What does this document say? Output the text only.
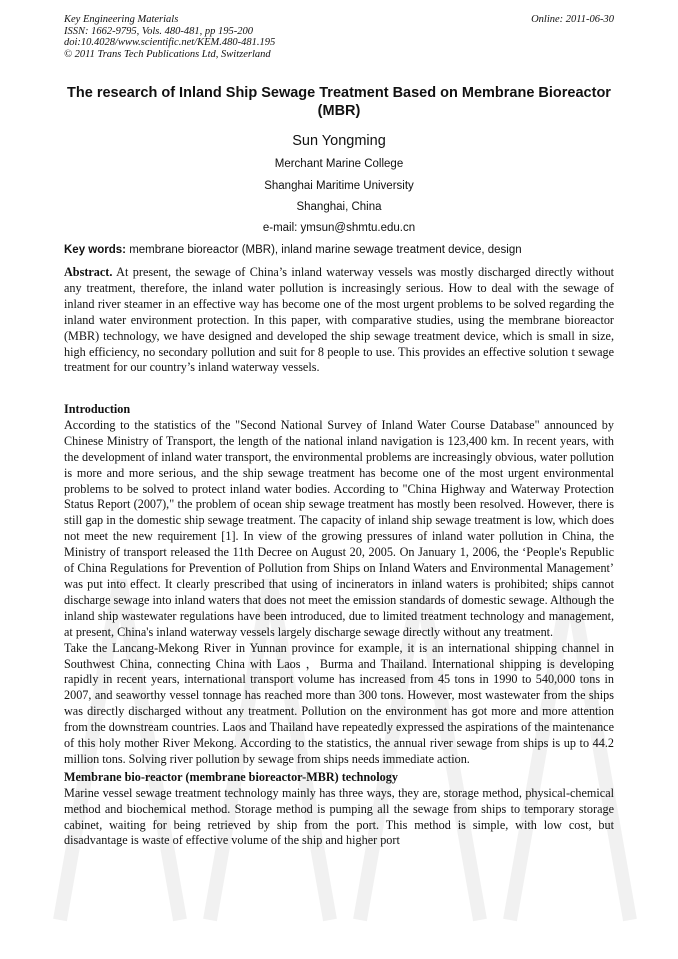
Key Engineering Materials
ISSN: 1662-9795, Vols. 480-481, pp 195-200
doi:10.4028/www.scientific.net/KEM.480-481.195
© 2011 Trans Tech Publications Ltd, Switzerland
Online: 2011-06-30
The research of Inland Ship Sewage Treatment Based on Membrane Bioreactor (MBR)
Sun Yongming
Merchant Marine College
Shanghai Maritime University
Shanghai, China
e-mail: ymsun@shmtu.edu.cn
Key words: membrane bioreactor (MBR), inland marine sewage treatment device, design

Abstract. At present, the sewage of China’s inland waterway vessels was mostly discharged directly without any treatment, therefore, the inland water pollution is increasingly serious. How to deal with the sewage of inland river steamer in an effective way has become one of the most urgent problems to be solved regarding the inland water environment protection. In this paper, with comparative studies, using the membrane bioreactor (MBR) technology, we have designed and developed the ship sewage treatment device, which is small in size, high efficiency, no secondary pollution and suit for 8 people to use. This provides an effective solution t sewage treatment for our country’s inland waterway vessels.

Introduction

According to the statistics of the "Second National Survey of Inland Water Course Database" announced by Chinese Ministry of Transport, the length of the national inland navigation is 123,400 km. In recent years, with the development of inland water transport, the environmental problems are increasingly obvious, water pollution is more and more serious, and the ship sewage treatment has become one of the most urgent environmental problems to be solved to protect inland water bodies. According to "China Highway and Waterway Protection Status Report (2007)," the problem of ocean ship sewage treatment has mostly been resolved. However, there is still gap in the domestic ship sewage treatment. The capacity of inland ship sewage treatment is low, which does not meet the new requirement [1]. In view of the growing pressures of inland water pollution in China, the Ministry of transport released the 11th Decree on August 20, 2005. On January 1, 2006, the ‘People's Republic of China Regulations for Prevention of Pollution from Ships on Inland Waters and Environmental Management’ was put into effect. It clearly prescribed that using of incinerators in inland waters is prohibited; ships cannot discharge sewage into inland waters that does not meet the emission standards of domestic sewage. Although the inland ship wastewater regulations have been introduced, due to limited treatment technology and management, at present, China's inland waterway vessels largely discharge sewage directly without any treatment.

Take the Lancang-Mekong River in Yunnan province for example, it is an international shipping channel in Southwest China, connecting China with Laos ，Burma and Thailand. International shipping is developing rapidly in recent years, international transport volume has increased from 45 tons in 1990 to 540,000 tons in 2007, and seaworthy vessel tonnage has reached more than 300 tons. However, most wastewater from the ships was directly discharged without any treatment. Pollution on the environment has got more and more attention from the downstream countries. Laos and Thailand have repeatedly expressed the aspirations of the maintenance of this holy mother River Mekong. According to the statistics, the annual river sewage from ships is up to 44.2 million tons. Solving river pollution by sewage from ships needs immediate action.

Membrane bio-reactor (membrane bioreactor-MBR) technology

Marine vessel sewage treatment technology mainly has three ways, they are, storage method, physical-chemical method and biochemical method. Storage method is pumping all the sewage from ships to temporary storage cabinet, waiting for being retrieved by ship from the port. This method is simple, with low cost, but disadvantage is waste of effective volume of the ship and higher port
